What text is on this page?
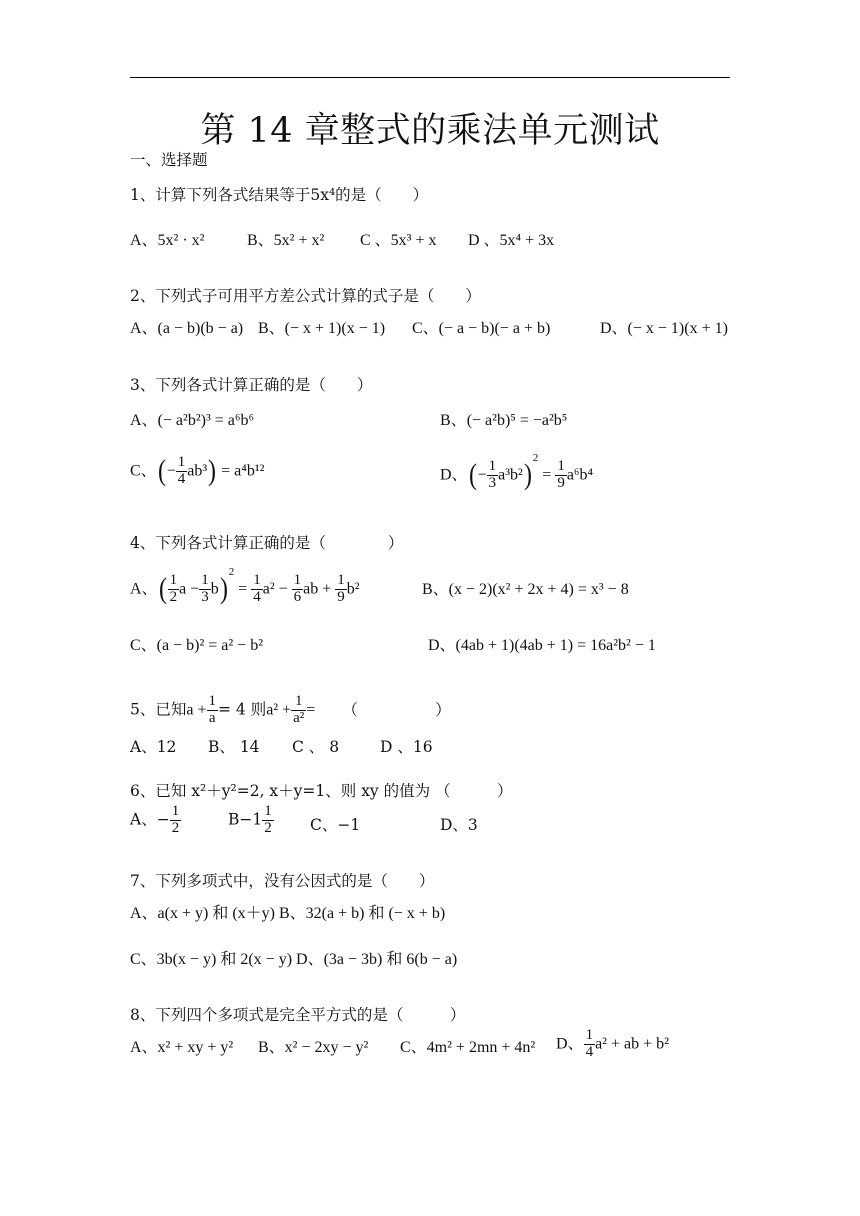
第 14 章整式的乘法单元测试
一、选择题
1、计算下列各式结果等于5x⁴的是（　　）
A、5x² · x²	B、5x² + x² C 、5x³ + x D 、5x⁴ + 3x
2、下列式子可用平方差公式计算的式子是（　　）
A、(a − b)(b − a) B、(− x + 1)(x − 1) C、(− a − b)(− a + b)	D、(− x − 1)(x + 1)
3、下列各式计算正确的是（　　）
A、(− a²b²)³ = a⁶b⁶	B、(− a²b)⁵ = −a²b⁵
C、(− $\frac{1}{4} ab^3) = a^4b^{12}$	D、(− $\frac{1}{3} a^3b^2)^2 = \frac{1}{9} a^6b^4$
4、下列各式计算正确的是（　　　　）
A、( $\frac{1}{2}$ $a - \frac{1}{3} b)^2 = \frac{1}{4} a^2 - \frac{1}{6}$ ab + $\frac{1}{9} b^2$	B、(x − 2)(x² + 2x + 4) = x³ − 8
C、(a − b)² = a² − b²	D、(4ab + 1)(4ab + 1) = 16a²b² − 1
5、已知$a + \frac{1}{a} = 4$ 则$a^2 + \frac{1}{\text{a²}}$ = （　　　　　）
A、12 B、 14 C 、 8	D 、16
6、已知 x²＋y²=2, x＋y=1、则 xy 的值为 （　　　）
A、− $\frac{1}{2}$	$B-1 \frac{1}{2}$ C、−1	D、3
7、下列多项式中，没有公因式的是（　　）
A、a(x + y) 和 (x＋y) B、32(a + b) 和 (− x + b)
C、3b(x − y) 和 2(x − y) D、(3a − 3b) 和 6(b − a)
8、下列四个多项式是完全平方式的是（　　　）
A、x² + xy + y² B、x² − 2xy − y² C、4m² + 2mn + 4n² D、 $\frac{1}{4} a^2$ + ab + b²
